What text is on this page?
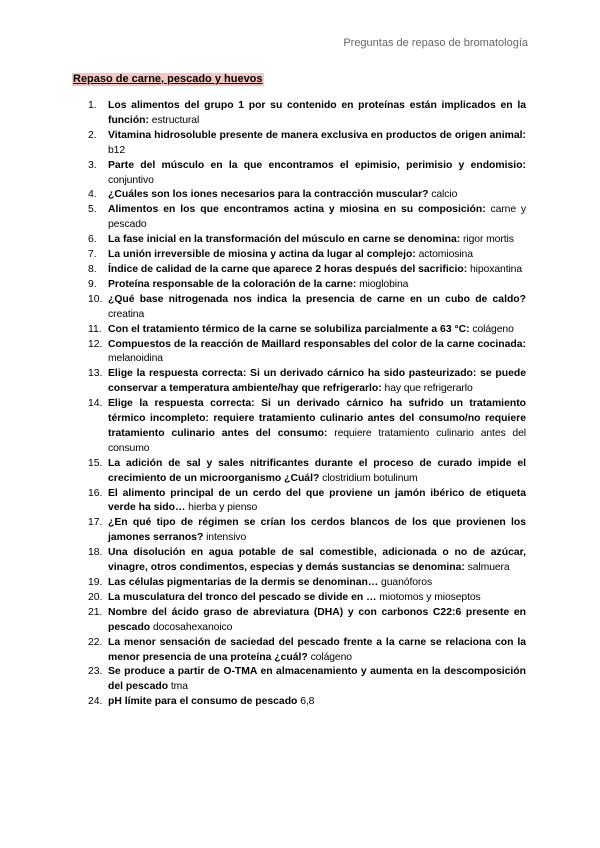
Preguntas de repaso de bromatología
Repaso de carne, pescado y huevos
1. Los alimentos del grupo 1 por su contenido en proteínas están implicados en la función: estructural
2. Vitamina hidrosoluble presente de manera exclusiva en productos de origen animal: b12
3. Parte del músculo en la que encontramos el epimisio, perimisio y endomisio: conjuntivo
4. ¿Cuáles son los iones necesarios para la contracción muscular? calcio
5. Alimentos en los que encontramos actina y miosina en su composición: carne y pescado
6. La fase inicial en la transformación del músculo en carne se denomina: rigor mortis
7. La unión irreversible de miosina y actina da lugar al complejo: actomiosina
8. Índice de calidad de la carne que aparece 2 horas después del sacrificio: hipoxantina
9. Proteína responsable de la coloración de la carne: mioglobina
10. ¿Qué base nitrogenada nos indica la presencia de carne en un cubo de caldo? creatina
11. Con el tratamiento térmico de la carne se solubiliza parcialmente a 63 °C: colágeno
12. Compuestos de la reacción de Maillard responsables del color de la carne cocinada: melanoidina
13. Elige la respuesta correcta: Si un derivado cárnico ha sido pasteurizado: se puede conservar a temperatura ambiente/hay que refrigerarlo: hay que refrigerarlo
14. Elige la respuesta correcta: Si un derivado cárnico ha sufrido un tratamiento térmico incompleto: requiere tratamiento culinario antes del consumo/no requiere tratamiento culinario antes del consumo: requiere tratamiento culinario antes del consumo
15. La adición de sal y sales nitrificantes durante el proceso de curado impide el crecimiento de un microorganismo ¿Cuál? clostridium botulinum
16. El alimento principal de un cerdo del que proviene un jamón ibérico de etiqueta verde ha sido… hierba y pienso
17. ¿En qué tipo de régimen se crían los cerdos blancos de los que provienen los jamones serranos? intensivo
18. Una disolución en agua potable de sal comestible, adicionada o no de azúcar, vinagre, otros condimentos, especias y demás sustancias se denomina: salmuera
19. Las células pigmentarias de la dermis se denominan… guanóforos
20. La musculatura del tronco del pescado se divide en … miotomos y mioseptos
21. Nombre del ácido graso de abreviatura (DHA) y con carbonos C22:6 presente en pescado docosahexanoico
22. La menor sensación de saciedad del pescado frente a la carne se relaciona con la menor presencia de una proteína ¿cuál? colágeno
23. Se produce a partir de O-TMA en almacenamiento y aumenta en la descomposición del pescado tma
24. pH límite para el consumo de pescado 6,8
